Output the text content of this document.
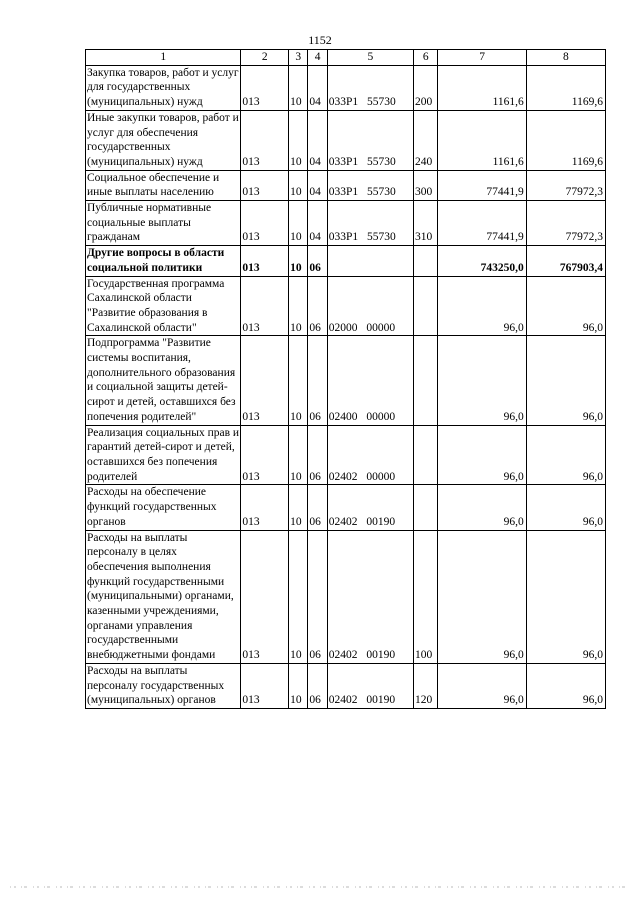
1152
1	2	3	4	5	6	7	8
Закупка товаров, работ и услуг для государственных (муниципальных) нужд	013	10	04	033Р1 55730	200	1161,6	1169,6
Иные закупки товаров, работ и услуг для обеспечения государственных (муниципальных) нужд	013	10	04	033Р1 55730	240	1161,6	1169,6
Социальное обеспечение и иные выплаты населению	013	10	04	033Р1 55730	300	77441,9	77972,3
Публичные нормативные социальные выплаты гражданам	013	10	04	033Р1 55730	310	77441,9	77972,3
Другие вопросы в области социальной политики	013	10	06			743250,0	767903,4
Государственная программа Сахалинской области "Развитие образования в Сахалинской области"	013	10	06	02000 00000		96,0	96,0
Подпрограмма "Развитие системы воспитания, дополнительного образования и социальной защиты детей-сирот и детей, оставшихся без попечения родителей"	013	10	06	02400 00000		96,0	96,0
Реализация социальных прав и гарантий детей-сирот и детей, оставшихся без попечения родителей	013	10	06	02402 00000		96,0	96,0
Расходы на обеспечение функций государственных органов	013	10	06	02402 00190		96,0	96,0
Расходы на выплаты персоналу в целях обеспечения выполнения функций государственными (муниципальными) органами, казенными учреждениями, органами управления государственными внебюджетными фондами	013	10	06	02402 00190	100	96,0	96,0
Расходы на выплаты персоналу государственных (муниципальных) органов	013	10	06	02402 00190	120	96,0	96,0
